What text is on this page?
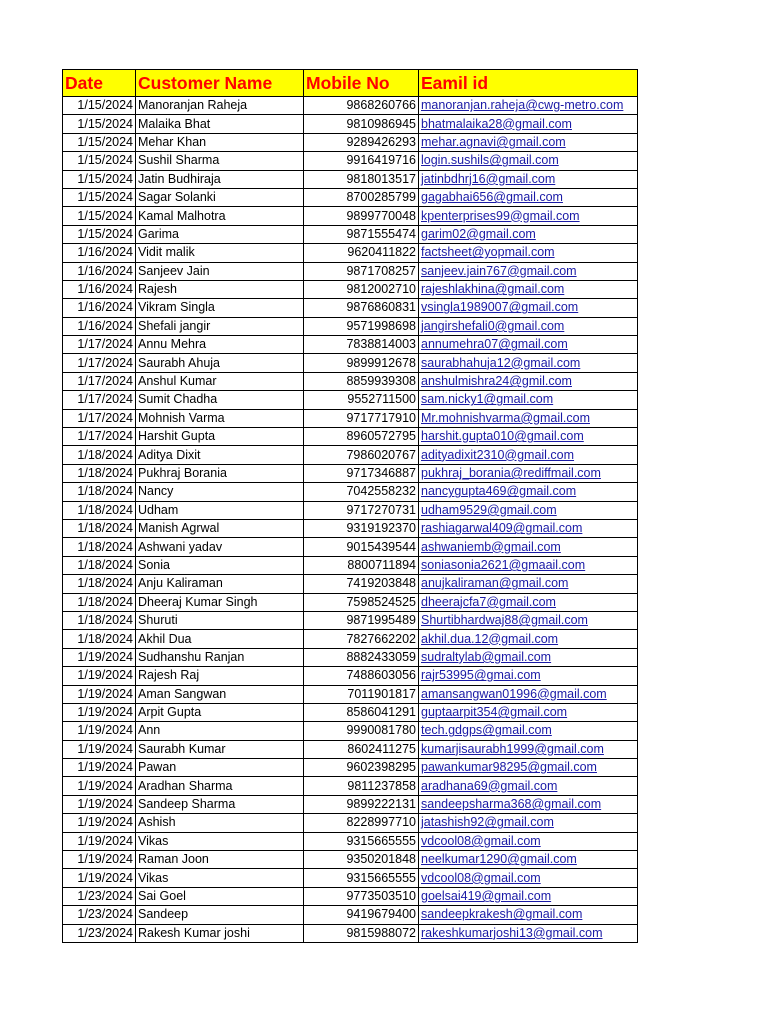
Date	Customer Name	Mobile No	Eamil id
1/15/2024	Manoranjan Raheja	9868260766	manoranjan.raheja@cwg-metro.com
1/15/2024	Malaika Bhat	9810986945	bhatmalaika28@gmail.com
1/15/2024	Mehar Khan	9289426293	mehar.agnavi@gmail.com
1/15/2024	Sushil Sharma	9916419716	login.sushils@gmail.com
1/15/2024	Jatin Budhiraja	9818013517	jatinbdhrj16@gmail.com
1/15/2024	Sagar Solanki	8700285799	gagabhai656@gmail.com
1/15/2024	Kamal Malhotra	9899770048	kpenterprises99@gmail.com
1/15/2024	Garima	9871555474	garim02@gmail.com
1/16/2024	Vidit malik	9620411822	factsheet@yopmail.com
1/16/2024	Sanjeev Jain	9871708257	sanjeev.jain767@gmail.com
1/16/2024	Rajesh	9812002710	rajeshlakhina@gmail.com
1/16/2024	Vikram Singla	9876860831	vsingla1989007@gmail.com
1/16/2024	Shefali jangir	9571998698	jangirshefali0@gmail.com
1/17/2024	Annu Mehra	7838814003	annumehra07@gmail.com
1/17/2024	Saurabh Ahuja	9899912678	saurabhahuja12@gmail.com
1/17/2024	Anshul Kumar	8859939308	anshulmishra24@gmil.com
1/17/2024	Sumit Chadha	9552711500	sam.nicky1@gmail.com
1/17/2024	Mohnish Varma	9717717910	Mr.mohnishvarma@gmail.com
1/17/2024	Harshit Gupta	8960572795	harshit.gupta010@gmail.com
1/18/2024	Aditya Dixit	7986020767	adityadixit2310@gmail.com
1/18/2024	Pukhraj Borania	9717346887	pukhraj_borania@rediffmail.com
1/18/2024	Nancy	7042558232	nancygupta469@gmail.com
1/18/2024	Udham	9717270731	udham9529@gmail.com
1/18/2024	Manish Agrwal	9319192370	rashiagarwal409@gmail.com
1/18/2024	Ashwani yadav	9015439544	ashwaniemb@gmail.com
1/18/2024	Sonia	8800711894	soniasonia2621@gmaail.com
1/18/2024	Anju Kaliraman	7419203848	anujkaliraman@gmail.com
1/18/2024	Dheeraj Kumar Singh	7598524525	dheerajcfa7@gmail.com
1/18/2024	Shuruti	9871995489	Shurtibhardwaj88@gmail.com
1/18/2024	Akhil Dua	7827662202	akhil.dua.12@gmail.com
1/19/2024	Sudhanshu Ranjan	8882433059	sudraltylab@gmail.com
1/19/2024	Rajesh Raj	7488603056	rajr53995@gmai.com
1/19/2024	Aman Sangwan	7011901817	amansangwan01996@gmail.com
1/19/2024	Arpit Gupta	8586041291	guptaarpit354@gmail.com
1/19/2024	Ann	9990081780	tech.gdgps@gmail.com
1/19/2024	Saurabh Kumar	8602411275	kumarjisaurabh1999@gmail.com
1/19/2024	Pawan	9602398295	pawankumar98295@gmail.com
1/19/2024	Aradhan Sharma	9811237858	aradhana69@gmail.com
1/19/2024	Sandeep Sharma	9899222131	sandeepsharma368@gmail.com
1/19/2024	Ashish	8228997710	jatashish92@gmail.com
1/19/2024	Vikas	9315665555	vdcool08@gmail.com
1/19/2024	Raman Joon	9350201848	neelkumar1290@gmail.com
1/19/2024	Vikas	9315665555	vdcool08@gmail.com
1/23/2024	Sai Goel	9773503510	goelsai419@gmail.com
1/23/2024	Sandeep	9419679400	sandeepkrakesh@gmail.com
1/23/2024	Rakesh Kumar joshi	9815988072	rakeshkumarjoshi13@gmail.com
